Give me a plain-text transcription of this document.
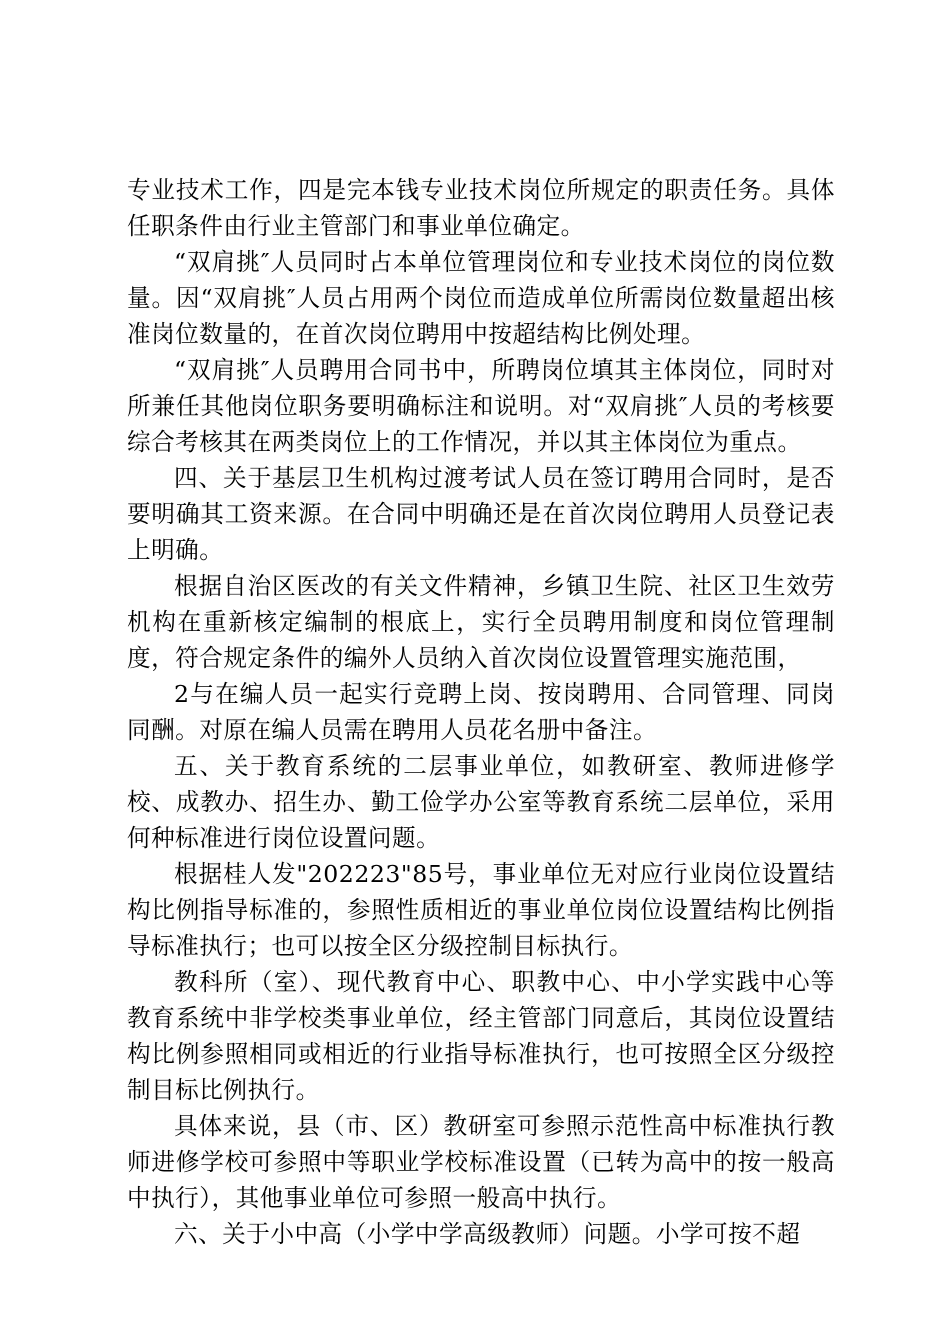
专业技术工作，四是完本钱专业技术岗位所规定的职责任务。具体任职条件由行业主管部门和事业单位确定。

“双肩挑″人员同时占本单位管理岗位和专业技术岗位的岗位数量。因“双肩挑″人员占用两个岗位而造成单位所需岗位数量超出核准岗位数量的，在首次岗位聘用中按超结构比例处理。

“双肩挑″人员聘用合同书中，所聘岗位填其主体岗位，同时对所兼任其他岗位职务要明确标注和说明。对“双肩挑″人员的考核要综合考核其在两类岗位上的工作情况，并以其主体岗位为重点。

四、关于基层卫生机构过渡考试人员在签订聘用合同时，是否要明确其工资来源。在合同中明确还是在首次岗位聘用人员登记表上明确。

根据自治区医改的有关文件精神，乡镇卫生院、社区卫生效劳机构在重新核定编制的根底上，实行全员聘用制度和岗位管理制度，符合规定条件的编外人员纳入首次岗位设置管理实施范围，

2与在编人员一起实行竞聘上岗、按岗聘用、合同管理、同岗同酬。对原在编人员需在聘用人员花名册中备注。

五、关于教育系统的二层事业单位，如教研室、教师进修学校、成教办、招生办、勤工俭学办公室等教育系统二层单位，采用何种标准进行岗位设置问题。

根据桂人发"202223"85号，事业单位无对应行业岗位设置结构比例指导标准的，参照性质相近的事业单位岗位设置结构比例指导标准执行；也可以按全区分级控制目标执行。

教科所（室）、现代教育中心、职教中心、中小学实践中心等教育系统中非学校类事业单位，经主管部门同意后，其岗位设置结构比例参照相同或相近的行业指导标准执行，也可按照全区分级控制目标比例执行。

具体来说，县（市、区）教研室可参照示范性高中标准执行教师进修学校可参照中等职业学校标准设置（已转为高中的按一般高中执行），其他事业单位可参照一般高中执行。

六、关于小中高（小学中学高级教师）问题。小学可按不超
